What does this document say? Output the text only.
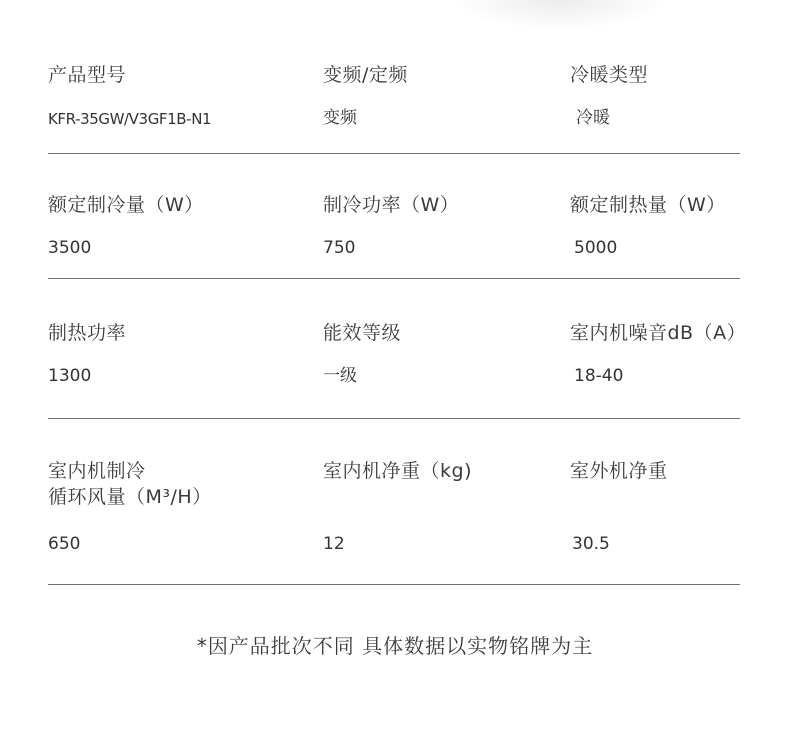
产品型号
KFR-35GW/V3GF1B-N1
变频/定频
变频
冷暖类型
冷暖
额定制冷量（W）
3500
制冷功率（W）
750
额定制热量（W）
5000
制热功率
1300
能效等级
一级
室内机噪音dB（A）
18-40
室内机制冷
循环风量（M³/H）
650
室内机净重（kg)
12
室外机净重
30.5
*因产品批次不同 具体数据以实物铭牌为主
